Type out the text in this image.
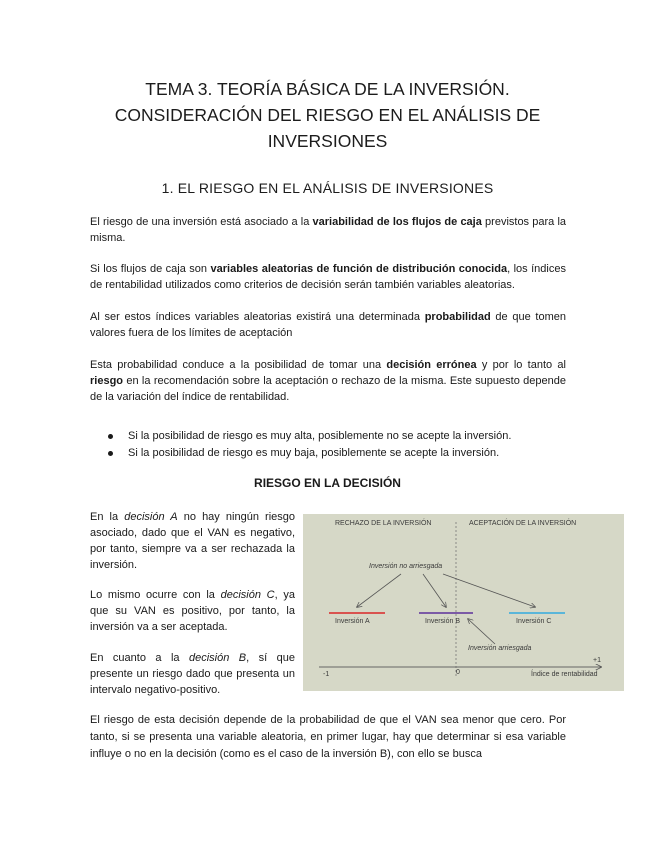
TEMA 3. TEORÍA BÁSICA DE LA INVERSIÓN.
CONSIDERACIÓN DEL RIESGO EN EL ANÁLISIS DE
INVERSIONES
1. EL RIESGO EN EL ANÁLISIS DE INVERSIONES

El riesgo de una inversión está asociado a la variabilidad de los flujos de caja previstos para la misma.

Si los flujos de caja son variables aleatorias de función de distribución conocida, los índices de rentabilidad utilizados como criterios de decisión serán también variables aleatorias.

Al ser estos índices variables aleatorias existirá una determinada probabilidad de que tomen valores fuera de los límites de aceptación

Esta probabilidad conduce a la posibilidad de tomar una decisión errónea y por lo tanto al riesgo en la recomendación sobre la aceptación o rechazo de la misma. Este supuesto depende de la variación del índice de rentabilidad.

Si la posibilidad de riesgo es muy alta, posiblemente no se acepte la inversión.
Si la posibilidad de riesgo es muy baja, posiblemente se acepte la inversión.
RIESGO EN LA DECISIÓN

En la decisión A no hay ningún riesgo asociado, dado que el VAN es negativo, por tanto, siempre va a ser rechazada la inversión.

Lo mismo ocurre con la decisión C, ya que su VAN es positivo, por tanto, la inversión va a ser aceptada.

En cuanto a la decisión B, sí que presente un riesgo dado que presenta un intervalo negativo-positivo.

RECHAZO DE LA INVERSIÓN	ACEPTACIÓN DE LA INVERSIÓN
Inversión no arriesgada
Inversión A	Inversión B	Inversión C
Inversión arriesgada
-1	0
+1
Índice de rentabilidad

El riesgo de esta decisión depende de la probabilidad de que el VAN sea menor que cero. Por tanto, si se presenta una variable aleatoria, en primer lugar, hay que determinar si esa variable influye o no en la decisión (como es el caso de la inversión B), con ello se busca
